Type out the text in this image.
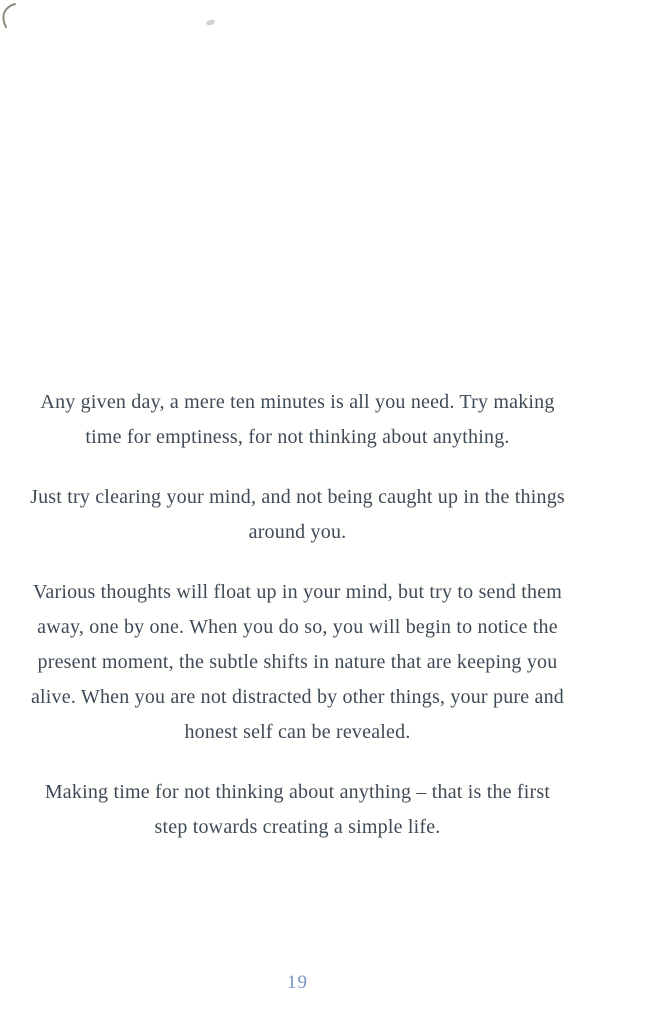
Any given day, a mere ten minutes is all you need. Try making time for emptiness, for not thinking about anything.

Just try clearing your mind, and not being caught up in the things around you.

Various thoughts will float up in your mind, but try to send them away, one by one. When you do so, you will begin to notice the present moment, the subtle shifts in nature that are keeping you alive. When you are not distracted by other things, your pure and honest self can be revealed.

Making time for not thinking about anything – that is the first step towards creating a simple life.

19
